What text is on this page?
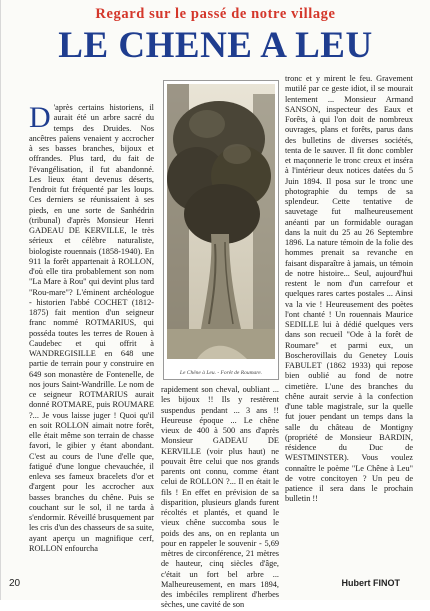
Regard sur le passé de notre village
LE CHENE A LEU

D 'après certains historiens, il aurait été un arbre sacré du temps des Druides. Nos ancêtres païens venaient y accrocher à ses basses branches, bijoux et offrandes. Plus tard, du fait de l'évangélisation, il fut abandonné. Les lieux étant devenus déserts, l'endroit fut fréquenté par les loups. Ces derniers se réunissaient à ses pieds, en une sorte de Sanhédrin (tribunal) d'après Monsieur Henri GADEAU DE KERVILLE, le très sérieux et célèbre naturaliste, biologiste rouennais (1858-1940). En 911 la forêt appartenait à ROLLON, d'où elle tira probablement son nom "La Mare à Rou" qui devint plus tard "Rou-mare"? L'éminent archéologue - historien l'abbé COCHET (1812-1875) fait mention d'un seigneur franc nommé ROTMARIUS, qui posséda toutes les terres de Rouen à Caudebec et qui offrit à WANDREGISILLE en 648 une partie de terrain pour y construire en 649 son monastère de Fontenelle, de nos jours Saint-Wandrille. Le nom de ce seigneur ROTMARIUS aurait donné ROTMARE, puis ROUMARE ?... Je vous laisse juger ! Quoi qu'il en soit ROLLON aimait notre forêt, elle était même son terrain de chasse favori, le gibier y étant abondant. C'est au cours de l'une d'elle que, fatigué d'une longue chevauchée, il enleva ses fameux bracelets d'or et d'argent pour les accrocher aux basses branches du chêne. Puis se couchant sur le sol, il ne tarda à s'endormir. Réveillé brusquement par les cris d'un des chasseurs de sa suite, ayant aperçu un magnifique cerf, ROLLON enfourcha

Le Chêne à Leu. - Forêt de Roumare.

rapidement son cheval, oubliant ... les bijoux !! Ils y restèrent suspendus pendant ... 3 ans !! Heureuse époque ... Le chêne vieux de 400 à 500 ans d'après Monsieur GADEAU DE KERVILLE (voir plus haut) ne pouvait être celui que nos grands parents ont connu, comme étant celui de ROLLON ?... Il en était le fils ! En effet en prévision de sa disparition, plusieurs glands furent récoltés et plantés, et quand le vieux chêne succomba sous le poids des ans, on en replanta un pour en rappeler le souvenir - 5,69 mètres de circonférence, 21 mètres de hauteur, cinq siècles d'âge, c'était un fort bel arbre ... Malheureusement, en mars 1894, des imbéciles remplirent d'herbes sèches, une cavité de son

tronc et y mirent le feu. Gravement mutilé par ce geste idiot, il se mourait lentement ... Monsieur Armand SANSON, inspecteur des Eaux et Forêts, à qui l'on doit de nombreux ouvrages, plans et forêts, parus dans des bulletins de diverses sociétés, tenta de le sauver. Il fit donc combler et maçonnerie le tronc creux et inséra à l'intérieur deux notices datées du 5 Juin 1894. Il posa sur le tronc une photographie du temps de sa splendeur. Cette tentative de sauvetage fut malheureusement anéanti par un formidable ouragan dans la nuit du 25 au 26 Septembre 1896. La nature témoin de la folie des hommes prenait sa revanche en faisant disparaître à jamais, un témoin de notre histoire... Seul, aujourd'hui restent le nom d'un carrefour et quelques rares cartes postales ... Ainsi va la vie ! Heureusement des poètes l'ont chanté ! Un rouennais Maurice SEDILLE lui à dédié quelques vers dans son recueil "Ode à la forêt de Roumare" et parmi eux, un Boscherovillais du Genetey Louis FABULET (1862 1933) qui repose bien oublié au fond de notre cimetière. L'une des branches du chêne aurait servie à la confection d'une table magistrale, sur la quelle fut jouer pendant un temps dans la salle du château de Montigny (propriété de Monsieur BARDIN, résidence du Duc de WESTMINSTER). Vous voulez connaître le poème "Le Chêne à Leu" de votre concitoyen ? Un peu de patience il sera dans le prochain bulletin !!

20	Hubert FINOT
